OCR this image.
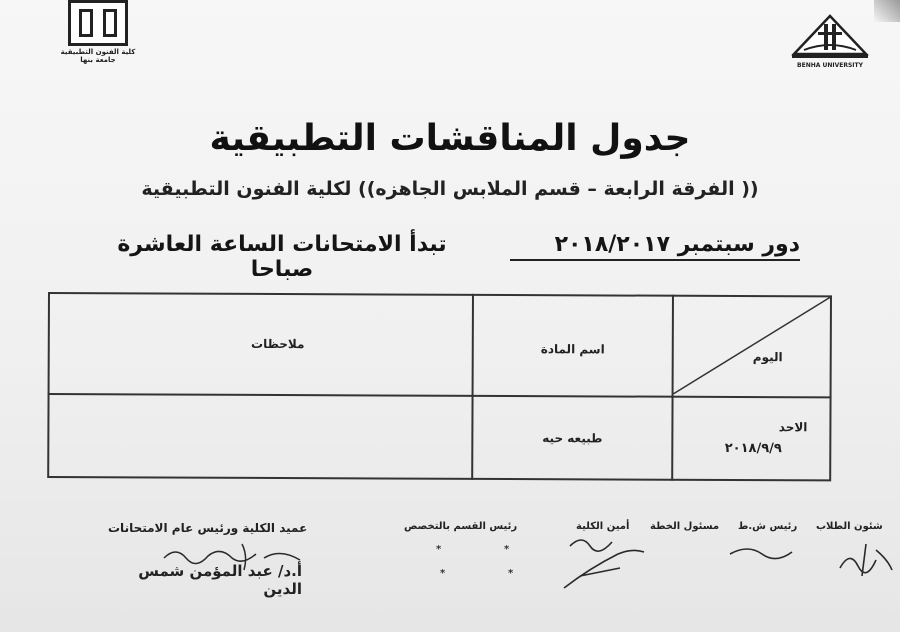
كلية الفنون التطبيقية جامعة بنها
BENHA UNIVERSITY
جدول المناقشات التطبيقية
(( الفرقة الرابعة – قسم الملابس الجاهزه)) لكلية الفنون التطبيقية
دور سبتمبر ٢٠١٨/٢٠١٧
تبدأ الامتحانات الساعة العاشرة صباحا
اليوم
اسم المادة
ملاحظات
الاحد
٢٠١٨/٩/٩
طبيعه حيه
شئون الطلاب
رئيس ش.ط
مسئول الخطة
أمين الكلية
رئيس القسم بالتخصص
عميد الكلية ورئيس عام الامتحانات
*
*
*
*
أ.د/ عبد المؤمن شمس الدين
